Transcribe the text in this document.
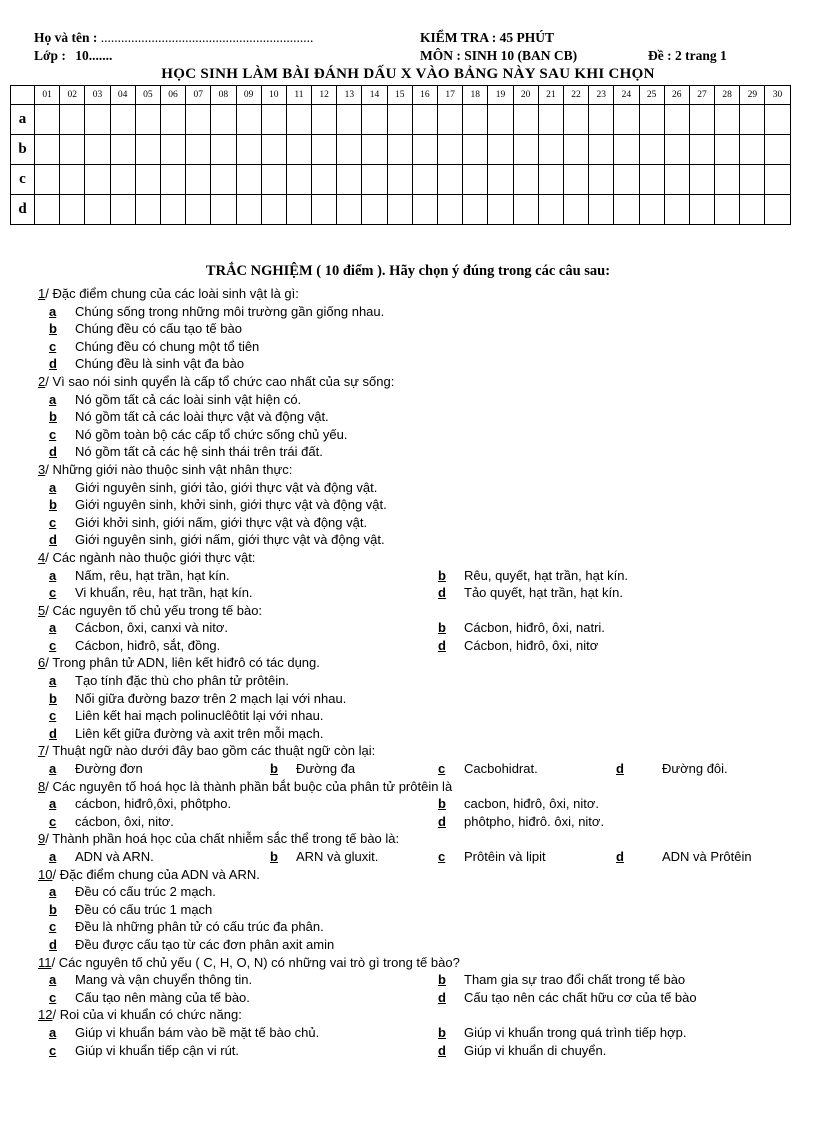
Họ và tên : ...............................................................
Lớp : 10.......
KIỂM TRA : 45 PHÚT
MÔN : SINH 10 (BAN CB)	Đề : 2 trang 1
HỌC SINH LÀM BÀI ĐÁNH DẤU X VÀO BẢNG NÀY SAU KHI CHỌN
	01	02	03	04	05	06	07	08	09	10	11	12	13	14	15	16	17	18	19	20	21	22	23	24	25	26	27	28	29	30
a																														
b																														
c																														
d																														
TRẮC NGHIỆM ( 10 điểm ). Hãy chọn ý đúng trong các câu sau:
1/ Đặc điểm chung của các loài sinh vật là gì:
a Chúng sống trong những môi trường gần giống nhau.
b Chúng đều có cấu tạo tế bào
c Chúng đều có chung một tổ tiên
d Chúng đều là sinh vật đa bào
2/ Vì sao nói sinh quyển là cấp tổ chức cao nhất của sự sống:
a Nó gồm tất cả các loài sinh vật hiện có.
b Nó gồm tất cả các loài thực vật và động vật.
c Nó gồm toàn bộ các cấp tổ chức sống chủ yếu.
d Nó gồm tất cả các hệ sinh thái trên trái đất.
3/ Những giới nào thuộc sinh vật nhân thực:
a Giới nguyên sinh, giới tảo, giới thực vật và động vật.
b Giới nguyên sinh, khởi sinh, giới thực vật và động vật.
c Giới khởi sinh, giới nấm, giới thực vật và động vật.
d Giới nguyên sinh, giới nấm, giới thực vật và động vật.
4/ Các ngành nào thuộc giới thực vật:
a Nấm, rêu, hạt trần, hạt kín.	b Rêu, quyết, hạt trần, hạt kín.
c Vi khuẩn, rêu, hạt trần, hạt kín.	d Tảo quyết, hạt trần, hạt kín.
5/ Các nguyên tố chủ yếu trong tế bào:
a Cácbon, ôxi, canxi và nitơ.	b Cácbon, hiđrô, ôxi, natri.
c Cácbon, hiđrô, sắt, đồng.	d Cácbon, hiđrô, ôxi, nitơ
6/ Trong phân tử ADN, liên kết hiđrô có tác dụng.
a Tạo tính đặc thù cho phân tử prôtêin.
b Nối giữa đường bazơ trên 2 mạch lại với nhau.
c Liên kết hai mạch polinuclêôtit lại với nhau.
d Liên kết giữa đường và axit trên mỗi mạch.
7/ Thuật ngữ nào dưới đây bao gồm các thuật ngữ còn lại:
a Đường đơn	b Đường đa	c Cacbohidrat.	d	Đường đôi.
8/ Các nguyên tố hoá học là thành phần bắt buộc của phân tử prôtêin là
a cácbon, hiđrô,ôxi, phôtpho.	b cacbon, hiđrô, ôxi, nitơ.
c cácbon, ôxi, nitơ.	d phôtpho, hiđrô. ôxi, nitơ.
9/ Thành phần hoá học của chất nhiễm sắc thể trong tế bào là:
a ADN và ARN.	b ARN và gluxit.	c Prôtêin và lipit	d	ADN và Prôtêin
10/ Đặc điểm chung của ADN và ARN.
a Đều có cấu trúc 2 mạch.
b Đều có cấu trúc 1 mạch
c Đều là những phân tử có cấu trúc đa phân.
d Đều được cấu tạo từ các đơn phân axit amin
11/ Các nguyên tố chủ yếu ( C, H, O, N) có những vai trò gì trong tế bào?
a Mang và vận chuyển thông tin.	b Tham gia sự trao đổi chất trong tế bào
c Cấu tạo nên màng của tế bào.	d Cấu tạo nên các chất hữu cơ của tế bào
12/ Roi của vi khuẩn có chức năng:
a Giúp vi khuẩn bám vào bề mặt tế bào chủ.	b Giúp vi khuẩn trong quá trình tiếp hợp.
c Giúp vi khuẩn tiếp cận vi rút.	d Giúp vi khuẩn di chuyển.
